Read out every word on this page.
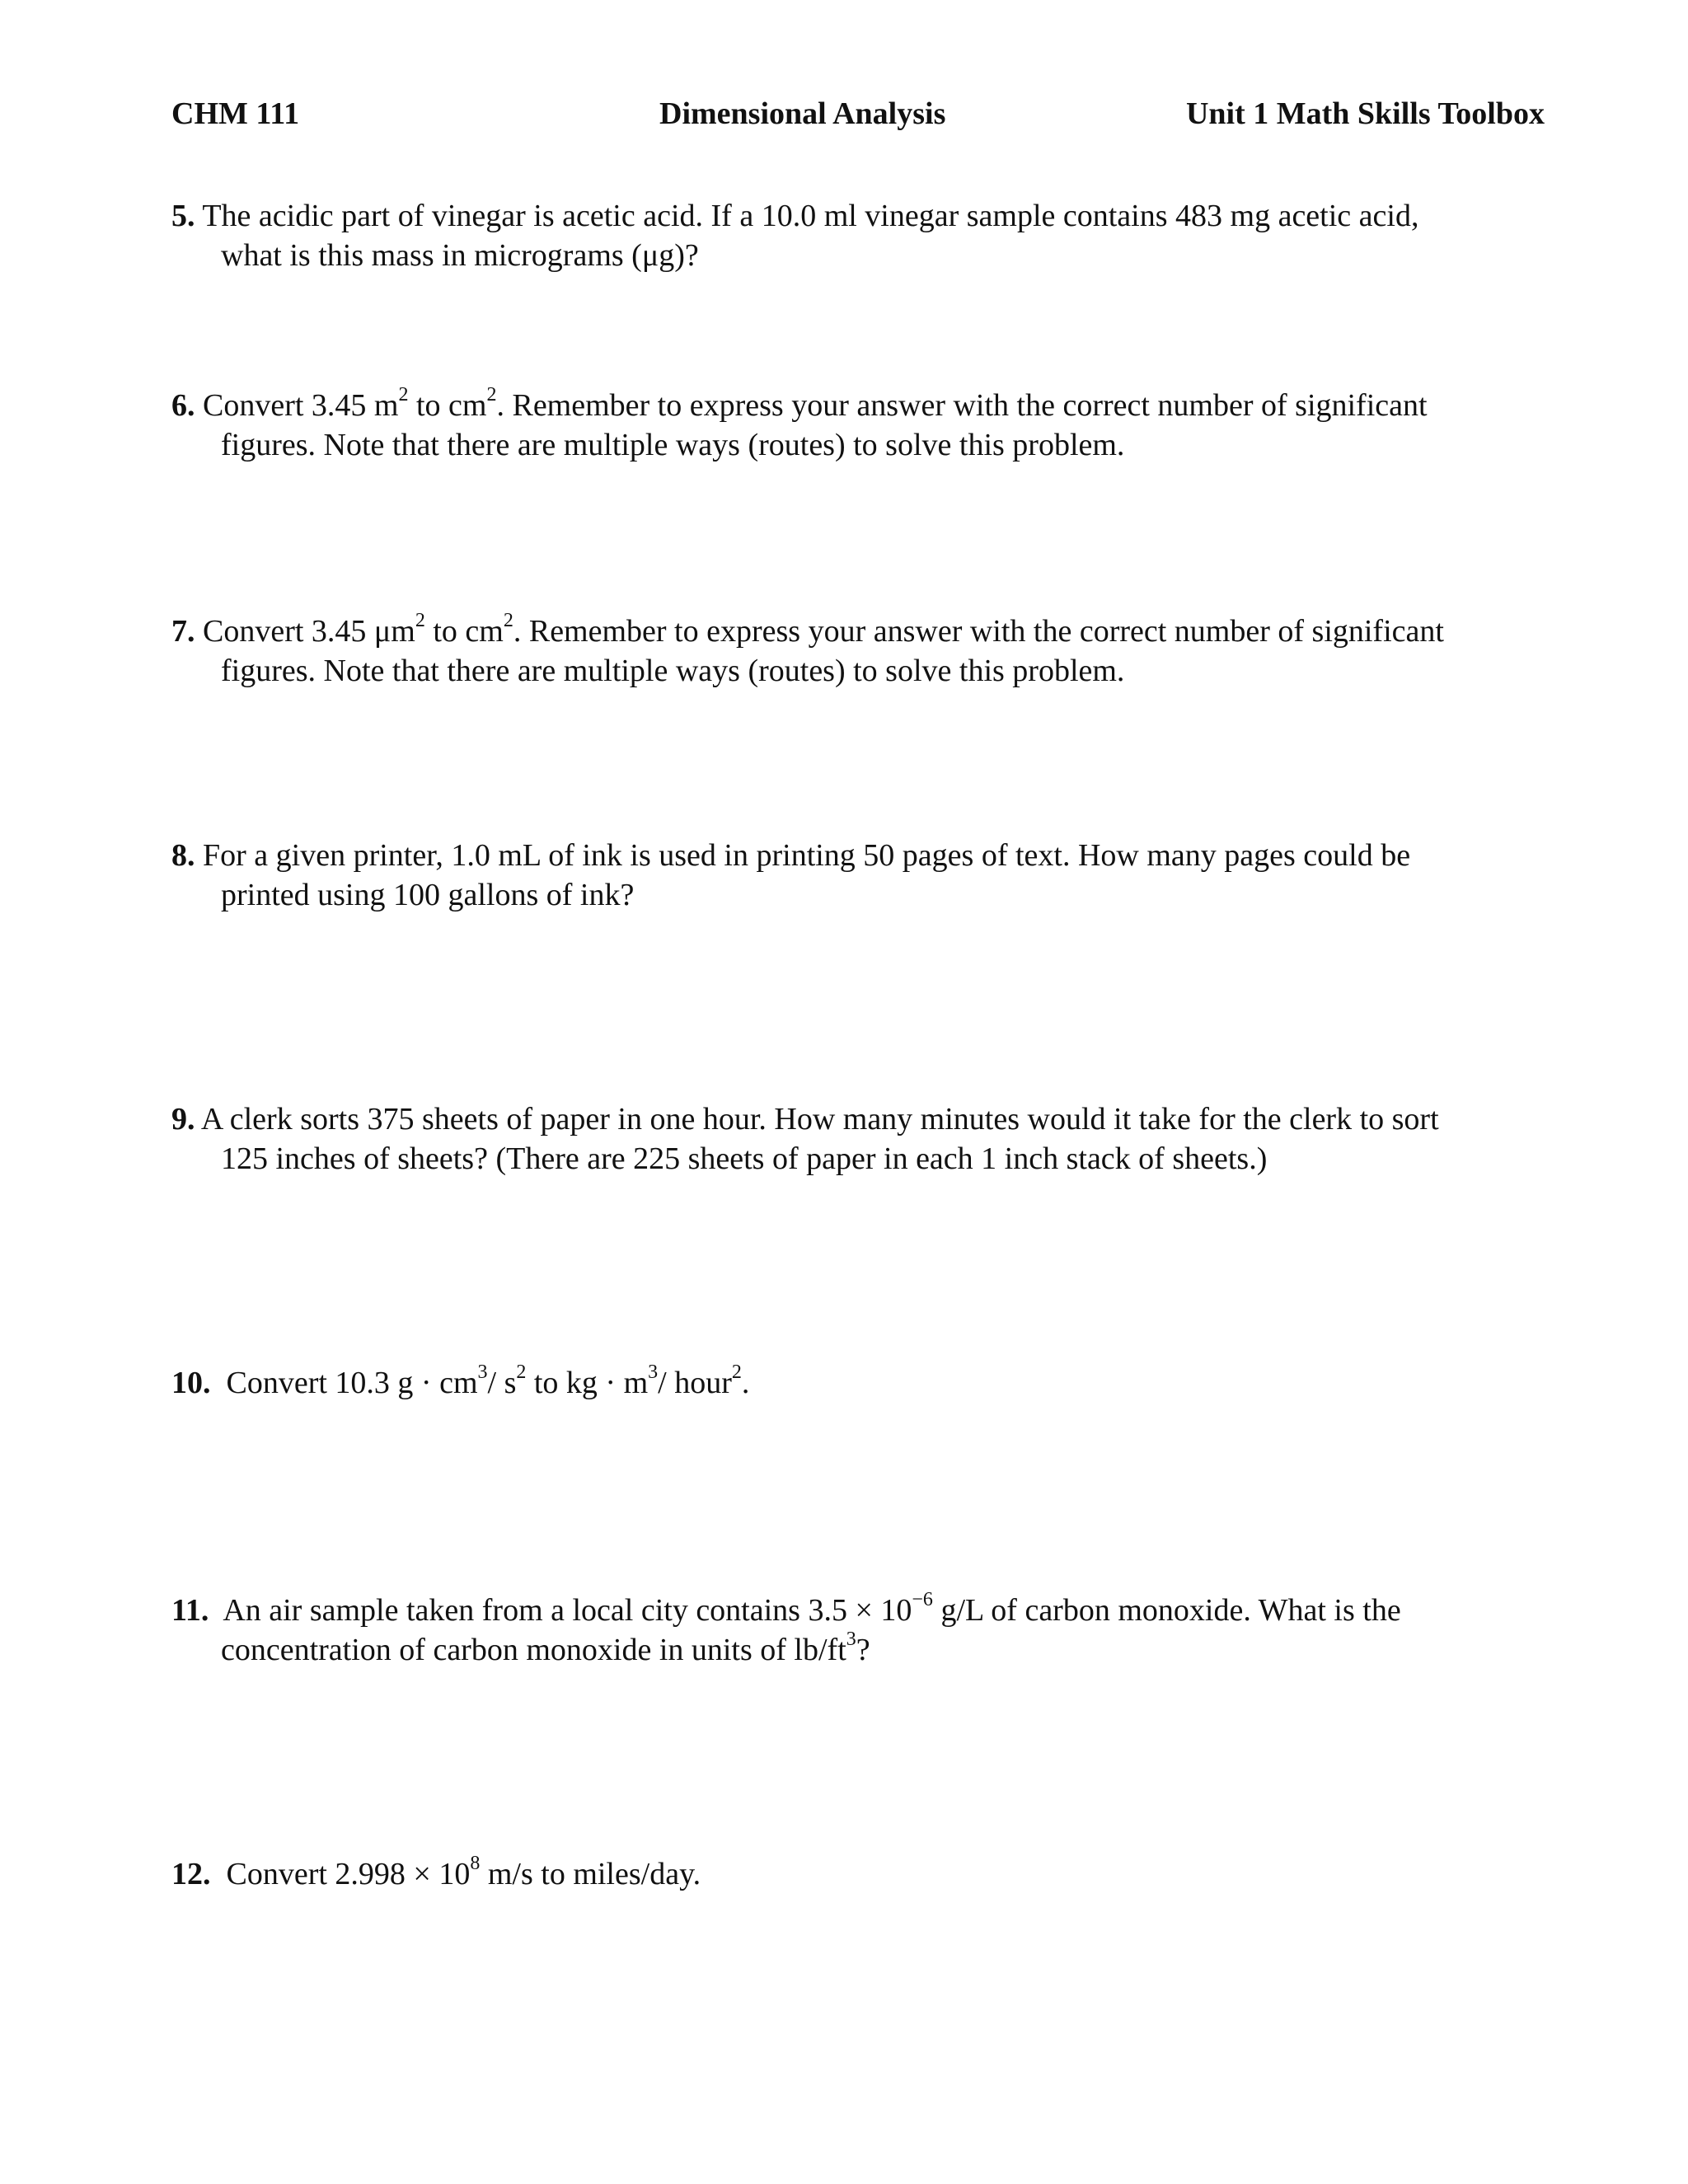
CHM 111	Dimensional Analysis	Unit 1 Math Skills Toolbox
5. The acidic part of vinegar is acetic acid. If a 10.0 ml vinegar sample contains 483 mg acetic acid,
what is this mass in micrograms (μg)?
6. Convert 3.45 $m^2$ to $cm^2$. Remember to express your answer with the correct number of significant
figures. Note that there are multiple ways (routes) to solve this problem.
7. Convert 3.45 $\mu m^2$ to $cm^2$. Remember to express your answer with the correct number of significant
figures. Note that there are multiple ways (routes) to solve this problem.
8. For a given printer, 1.0 mL of ink is used in printing 50 pages of text. How many pages could be
printed using 100 gallons of ink?
9. A clerk sorts 375 sheets of paper in one hour. How many minutes would it take for the clerk to sort
125 inches of sheets? (There are 225 sheets of paper in each 1 inch stack of sheets.)
10. Convert 10.3 $g \cdot cm^3/$ $s^2$ to kg · $m^3/$ hour$^2$.
11. An air sample taken from a local city contains $3.5 \times 10^{-6}$ g/L of carbon monoxide. What is the
concentration of carbon monoxide in units of $lb/ft^3$?
12. Convert $2.998 \times 10^8$ m/s to miles/day.
